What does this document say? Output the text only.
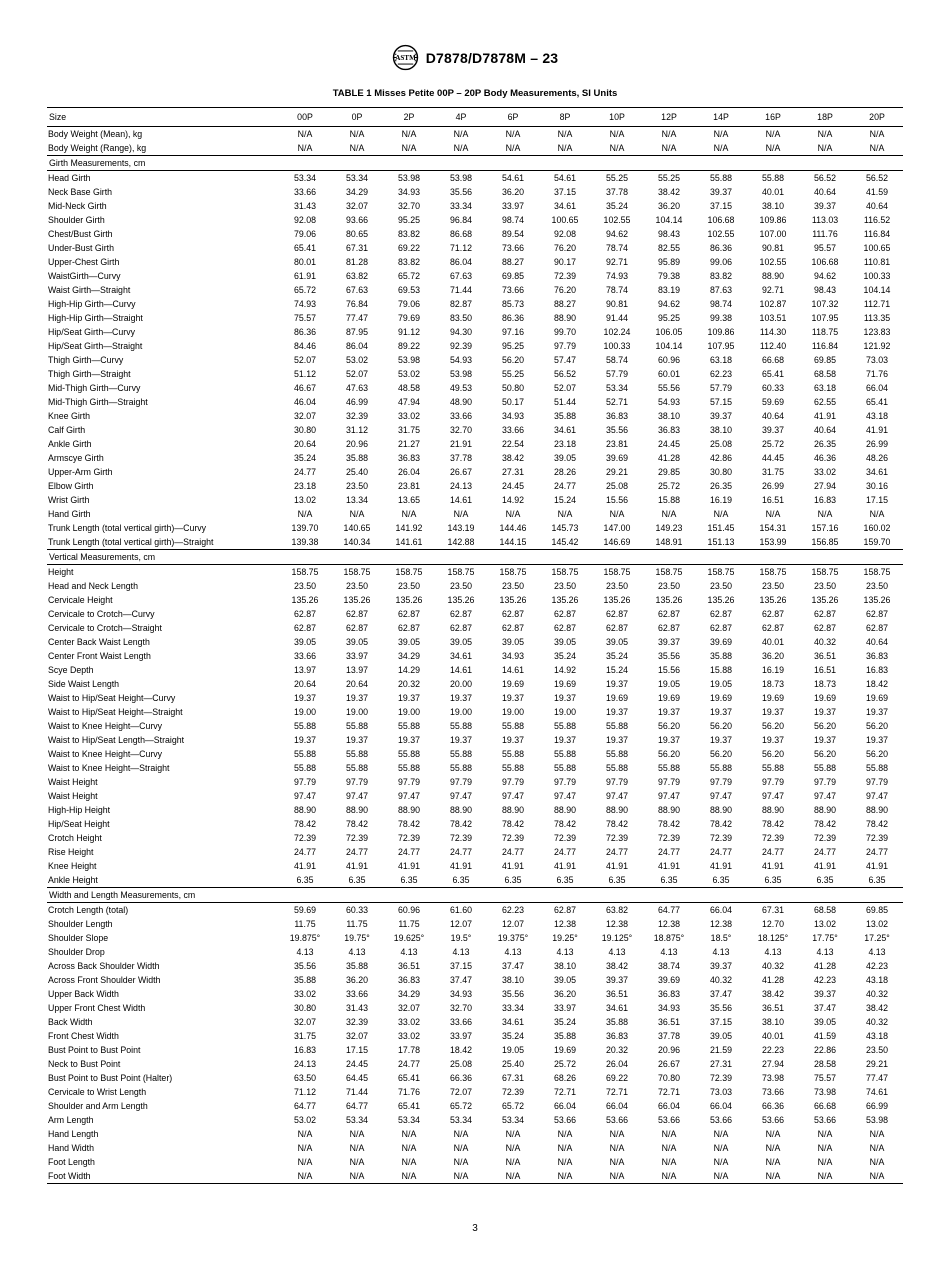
ASTM D7878/D7878M – 23
TABLE 1 Misses Petite 00P – 20P Body Measurements, SI Units
Size	00P	0P	2P	4P	6P	8P	10P	12P	14P	16P	18P	20P
Body Weight (Mean), kg	N/A	N/A	N/A	N/A	N/A	N/A	N/A	N/A	N/A	N/A	N/A	N/A
Body Weight (Range), kg	N/A	N/A	N/A	N/A	N/A	N/A	N/A	N/A	N/A	N/A	N/A	N/A
Girth Measurements, cm												
Head Girth	53.34	53.34	53.98	53.98	54.61	54.61	55.25	55.25	55.88	55.88	56.52	56.52
Neck Base Girth	33.66	34.29	34.93	35.56	36.20	37.15	37.78	38.42	39.37	40.01	40.64	41.59
Mid-Neck Girth	31.43	32.07	32.70	33.34	33.97	34.61	35.24	36.20	37.15	38.10	39.37	40.64
Shoulder Girth	92.08	93.66	95.25	96.84	98.74	100.65	102.55	104.14	106.68	109.86	113.03	116.52
Chest/Bust Girth	79.06	80.65	83.82	86.68	89.54	92.08	94.62	98.43	102.55	107.00	111.76	116.84
Under-Bust Girth	65.41	67.31	69.22	71.12	73.66	76.20	78.74	82.55	86.36	90.81	95.57	100.65
Upper-Chest Girth	80.01	81.28	83.82	86.04	88.27	90.17	92.71	95.89	99.06	102.55	106.68	110.81
WaistGirth—Curvy	61.91	63.82	65.72	67.63	69.85	72.39	74.93	79.38	83.82	88.90	94.62	100.33
Waist Girth—Straight	65.72	67.63	69.53	71.44	73.66	76.20	78.74	83.19	87.63	92.71	98.43	104.14
High-Hip Girth—Curvy	74.93	76.84	79.06	82.87	85.73	88.27	90.81	94.62	98.74	102.87	107.32	112.71
High-Hip Girth—Straight	75.57	77.47	79.69	83.50	86.36	88.90	91.44	95.25	99.38	103.51	107.95	113.35
Hip/Seat Girth—Curvy	86.36	87.95	91.12	94.30	97.16	99.70	102.24	106.05	109.86	114.30	118.75	123.83
Hip/Seat Girth—Straight	84.46	86.04	89.22	92.39	95.25	97.79	100.33	104.14	107.95	112.40	116.84	121.92
Thigh Girth—Curvy	52.07	53.02	53.98	54.93	56.20	57.47	58.74	60.96	63.18	66.68	69.85	73.03
Thigh Girth—Straight	51.12	52.07	53.02	53.98	55.25	56.52	57.79	60.01	62.23	65.41	68.58	71.76
Mid-Thigh Girth—Curvy	46.67	47.63	48.58	49.53	50.80	52.07	53.34	55.56	57.79	60.33	63.18	66.04
Mid-Thigh Girth—Straight	46.04	46.99	47.94	48.90	50.17	51.44	52.71	54.93	57.15	59.69	62.55	65.41
Knee Girth	32.07	32.39	33.02	33.66	34.93	35.88	36.83	38.10	39.37	40.64	41.91	43.18
Calf Girth	30.80	31.12	31.75	32.70	33.66	34.61	35.56	36.83	38.10	39.37	40.64	41.91
Ankle Girth	20.64	20.96	21.27	21.91	22.54	23.18	23.81	24.45	25.08	25.72	26.35	26.99
Armscye Girth	35.24	35.88	36.83	37.78	38.42	39.05	39.69	41.28	42.86	44.45	46.36	48.26
Upper-Arm Girth	24.77	25.40	26.04	26.67	27.31	28.26	29.21	29.85	30.80	31.75	33.02	34.61
Elbow Girth	23.18	23.50	23.81	24.13	24.45	24.77	25.08	25.72	26.35	26.99	27.94	30.16
Wrist Girth	13.02	13.34	13.65	14.61	14.92	15.24	15.56	15.88	16.19	16.51	16.83	17.15
Hand Girth	N/A	N/A	N/A	N/A	N/A	N/A	N/A	N/A	N/A	N/A	N/A	N/A
Trunk Length (total vertical girth)—Curvy	139.70	140.65	141.92	143.19	144.46	145.73	147.00	149.23	151.45	154.31	157.16	160.02
Trunk Length (total vertical girth)—Straight	139.38	140.34	141.61	142.88	144.15	145.42	146.69	148.91	151.13	153.99	156.85	159.70
Vertical Measurements, cm												
Height	158.75	158.75	158.75	158.75	158.75	158.75	158.75	158.75	158.75	158.75	158.75	158.75
Head and Neck Length	23.50	23.50	23.50	23.50	23.50	23.50	23.50	23.50	23.50	23.50	23.50	23.50
Cervicale Height	135.26	135.26	135.26	135.26	135.26	135.26	135.26	135.26	135.26	135.26	135.26	135.26
Cervicale to Crotch—Curvy	62.87	62.87	62.87	62.87	62.87	62.87	62.87	62.87	62.87	62.87	62.87	62.87
Cervicale to Crotch—Straight	62.87	62.87	62.87	62.87	62.87	62.87	62.87	62.87	62.87	62.87	62.87	62.87
Center Back Waist Length	39.05	39.05	39.05	39.05	39.05	39.05	39.05	39.37	39.69	40.01	40.32	40.64
Center Front Waist Length	33.66	33.97	34.29	34.61	34.93	35.24	35.24	35.56	35.88	36.20	36.51	36.83
Scye Depth	13.97	13.97	14.29	14.61	14.61	14.92	15.24	15.56	15.88	16.19	16.51	16.83
Side Waist Length	20.64	20.64	20.32	20.00	19.69	19.69	19.37	19.05	19.05	18.73	18.73	18.42
Waist to Hip/Seat Height—Curvy	19.37	19.37	19.37	19.37	19.37	19.37	19.69	19.69	19.69	19.69	19.69	19.69
Waist to Hip/Seat Height—Straight	19.00	19.00	19.00	19.00	19.00	19.00	19.37	19.37	19.37	19.37	19.37	19.37
Waist to Knee Height—Curvy	55.88	55.88	55.88	55.88	55.88	55.88	55.88	56.20	56.20	56.20	56.20	56.20
Waist to Hip/Seat Length—Straight	19.37	19.37	19.37	19.37	19.37	19.37	19.37	19.37	19.37	19.37	19.37	19.37
Waist to Knee Height—Curvy	55.88	55.88	55.88	55.88	55.88	55.88	55.88	56.20	56.20	56.20	56.20	56.20
Waist to Knee Height—Straight	55.88	55.88	55.88	55.88	55.88	55.88	55.88	55.88	55.88	55.88	55.88	55.88
Waist Height	97.79	97.79	97.79	97.79	97.79	97.79	97.79	97.79	97.79	97.79	97.79	97.79
Waist Height	97.47	97.47	97.47	97.47	97.47	97.47	97.47	97.47	97.47	97.47	97.47	97.47
High-Hip Height	88.90	88.90	88.90	88.90	88.90	88.90	88.90	88.90	88.90	88.90	88.90	88.90
Hip/Seat Height	78.42	78.42	78.42	78.42	78.42	78.42	78.42	78.42	78.42	78.42	78.42	78.42
Crotch Height	72.39	72.39	72.39	72.39	72.39	72.39	72.39	72.39	72.39	72.39	72.39	72.39
Rise Height	24.77	24.77	24.77	24.77	24.77	24.77	24.77	24.77	24.77	24.77	24.77	24.77
Knee Height	41.91	41.91	41.91	41.91	41.91	41.91	41.91	41.91	41.91	41.91	41.91	41.91
Ankle Height	6.35	6.35	6.35	6.35	6.35	6.35	6.35	6.35	6.35	6.35	6.35	6.35
Width and Length Measurements, cm												
Crotch Length (total)	59.69	60.33	60.96	61.60	62.23	62.87	63.82	64.77	66.04	67.31	68.58	69.85
Shoulder Length	11.75	11.75	11.75	12.07	12.07	12.38	12.38	12.38	12.38	12.70	13.02	13.02
Shoulder Slope	19.875°	19.75°	19.625°	19.5°	19.375°	19.25°	19.125°	18.875°	18.5°	18.125°	17.75°	17.25°
Shoulder Drop	4.13	4.13	4.13	4.13	4.13	4.13	4.13	4.13	4.13	4.13	4.13	4.13
Across Back Shoulder Width	35.56	35.88	36.51	37.15	37.47	38.10	38.42	38.74	39.37	40.32	41.28	42.23
Across Front Shoulder Width	35.88	36.20	36.83	37.47	38.10	39.05	39.37	39.69	40.32	41.28	42.23	43.18
Upper Back Width	33.02	33.66	34.29	34.93	35.56	36.20	36.51	36.83	37.47	38.42	39.37	40.32
Upper Front Chest Width	30.80	31.43	32.07	32.70	33.34	33.97	34.61	34.93	35.56	36.51	37.47	38.42
Back Width	32.07	32.39	33.02	33.66	34.61	35.24	35.88	36.51	37.15	38.10	39.05	40.32
Front Chest Width	31.75	32.07	33.02	33.97	35.24	35.88	36.83	37.78	39.05	40.01	41.59	43.18
Bust Point to Bust Point	16.83	17.15	17.78	18.42	19.05	19.69	20.32	20.96	21.59	22.23	22.86	23.50
Neck to Bust Point	24.13	24.45	24.77	25.08	25.40	25.72	26.04	26.67	27.31	27.94	28.58	29.21
Bust Point to Bust Point (Halter)	63.50	64.45	65.41	66.36	67.31	68.26	69.22	70.80	72.39	73.98	75.57	77.47
Cervicale to Wrist Length	71.12	71.44	71.76	72.07	72.39	72.71	72.71	72.71	73.03	73.66	73.98	74.61
Shoulder and Arm Length	64.77	64.77	65.41	65.72	65.72	66.04	66.04	66.04	66.04	66.36	66.68	66.99
Arm Length	53.02	53.34	53.34	53.34	53.34	53.66	53.66	53.66	53.66	53.66	53.66	53.98
Hand Length	N/A	N/A	N/A	N/A	N/A	N/A	N/A	N/A	N/A	N/A	N/A	N/A
Hand Width	N/A	N/A	N/A	N/A	N/A	N/A	N/A	N/A	N/A	N/A	N/A	N/A
Foot Length	N/A	N/A	N/A	N/A	N/A	N/A	N/A	N/A	N/A	N/A	N/A	N/A
Foot Width	N/A	N/A	N/A	N/A	N/A	N/A	N/A	N/A	N/A	N/A	N/A	N/A
3
